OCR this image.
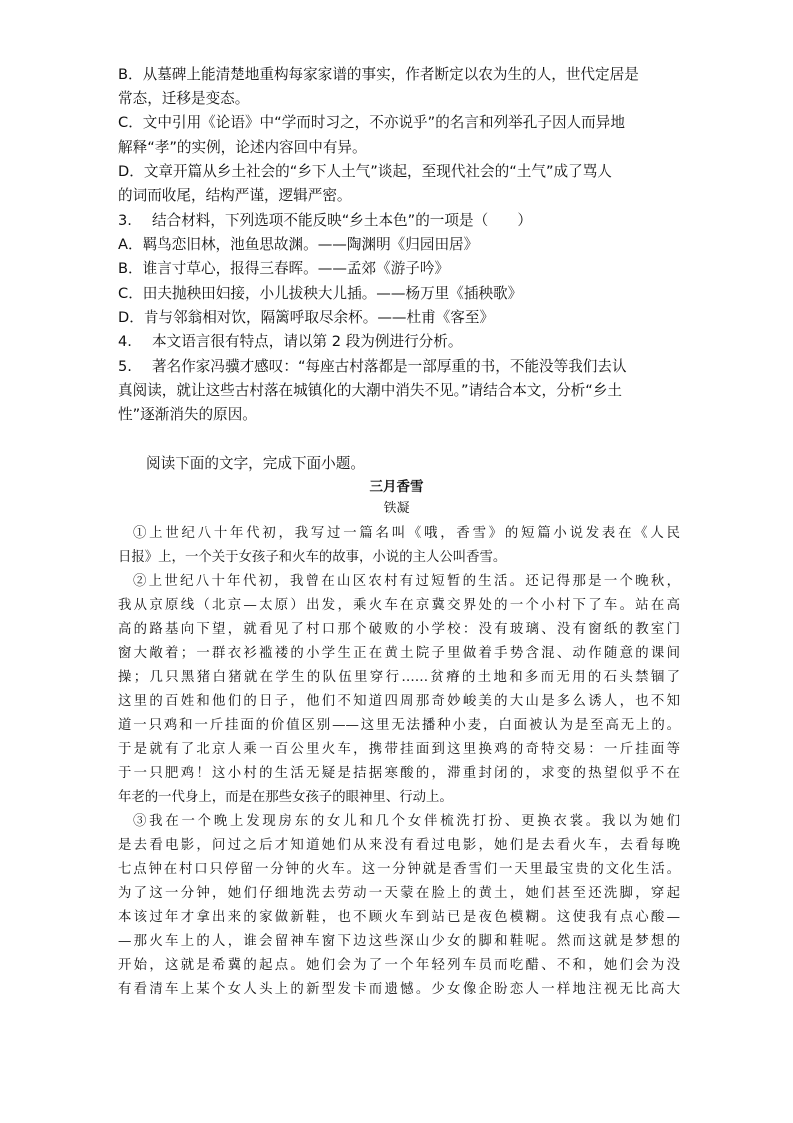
B．从墓碑上能清楚地重构每家家谱的事实，作者断定以农为生的人，世代定居是
常态，迁移是变态。
C．文中引用《论语》中“学而时习之，不亦说乎”的名言和列举孔子因人而异地
解释“孝”的实例，论述内容回中有异。
D．文章开篇从乡土社会的“乡下人土气”谈起，至现代社会的“土气”成了骂人
的词而收尾，结构严谨，逻辑严密。
3. 结合材料，下列选项不能反映“乡土本色”的一项是（　　）
A．羁鸟恋旧林，池鱼思故渊。——陶渊明《归园田居》
B．谁言寸草心，报得三春晖。——孟郊《游子吟》
C．田夫抛秧田妇接，小儿拔秧大儿插。——杨万里《插秧歌》
D．肯与邻翁相对饮，隔篱呼取尽余杯。——杜甫《客至》
4. 本文语言很有特点，请以第 2 段为例进行分析。
5. 著名作家冯骥才感叹：“每座古村落都是一部厚重的书，不能没等我们去认
真阅读，就让这些古村落在城镇化的大潮中消失不见。”请结合本文，分析“乡土
性”逐渐消失的原因。
阅读下面的文字，完成下面小题。
三月香雪
铁凝
①上世纪八十年代初，我写过一篇名叫《哦，香雪》的短篇小说发表在《人民
日报》上，一个关于女孩子和火车的故事，小说的主人公叫香雪。
②上世纪八十年代初，我曾在山区农村有过短暂的生活。还记得那是一个晚秋，
我从京原线（北京—太原）出发，乘火车在京冀交界处的一个小村下了车。站在高
高的路基向下望，就看见了村口那个破败的小学校：没有玻璃、没有窗纸的教室门
窗大敞着；一群衣衫褴褛的小学生正在黄土院子里做着手势含混、动作随意的课间
操；几只黑猪白猪就在学生的队伍里穿行……贫瘠的土地和多而无用的石头禁锢了
这里的百姓和他们的日子，他们不知道四周那奇妙峻美的大山是多么诱人，也不知
道一只鸡和一斤挂面的价值区别——这里无法播种小麦，白面被认为是至高无上的。
于是就有了北京人乘一百公里火车，携带挂面到这里换鸡的奇特交易：一斤挂面等
于一只肥鸡！这小村的生活无疑是拮据寒酸的，滞重封闭的，求变的热望似乎不在
年老的一代身上，而是在那些女孩子的眼神里、行动上。
③我在一个晚上发现房东的女儿和几个女伴梳洗打扮、更换衣裳。我以为她们
是去看电影，问过之后才知道她们从来没有看过电影，她们是去看火车，去看每晚
七点钟在村口只停留一分钟的火车。这一分钟就是香雪们一天里最宝贵的文化生活。
为了这一分钟，她们仔细地洗去劳动一天蒙在脸上的黄土，她们甚至还洗脚，穿起
本该过年才拿出来的家做新鞋，也不顾火车到站已是夜色模糊。这使我有点心酸—
—那火车上的人，谁会留神车窗下边这些深山少女的脚和鞋呢。然而这就是梦想的
开始，这就是希冀的起点。她们会为了一个年轻列车员而吃醋、不和，她们会为没
有看清车上某个女人头上的新型发卡而遗憾。少女像企盼恋人一样地注视无比高大
